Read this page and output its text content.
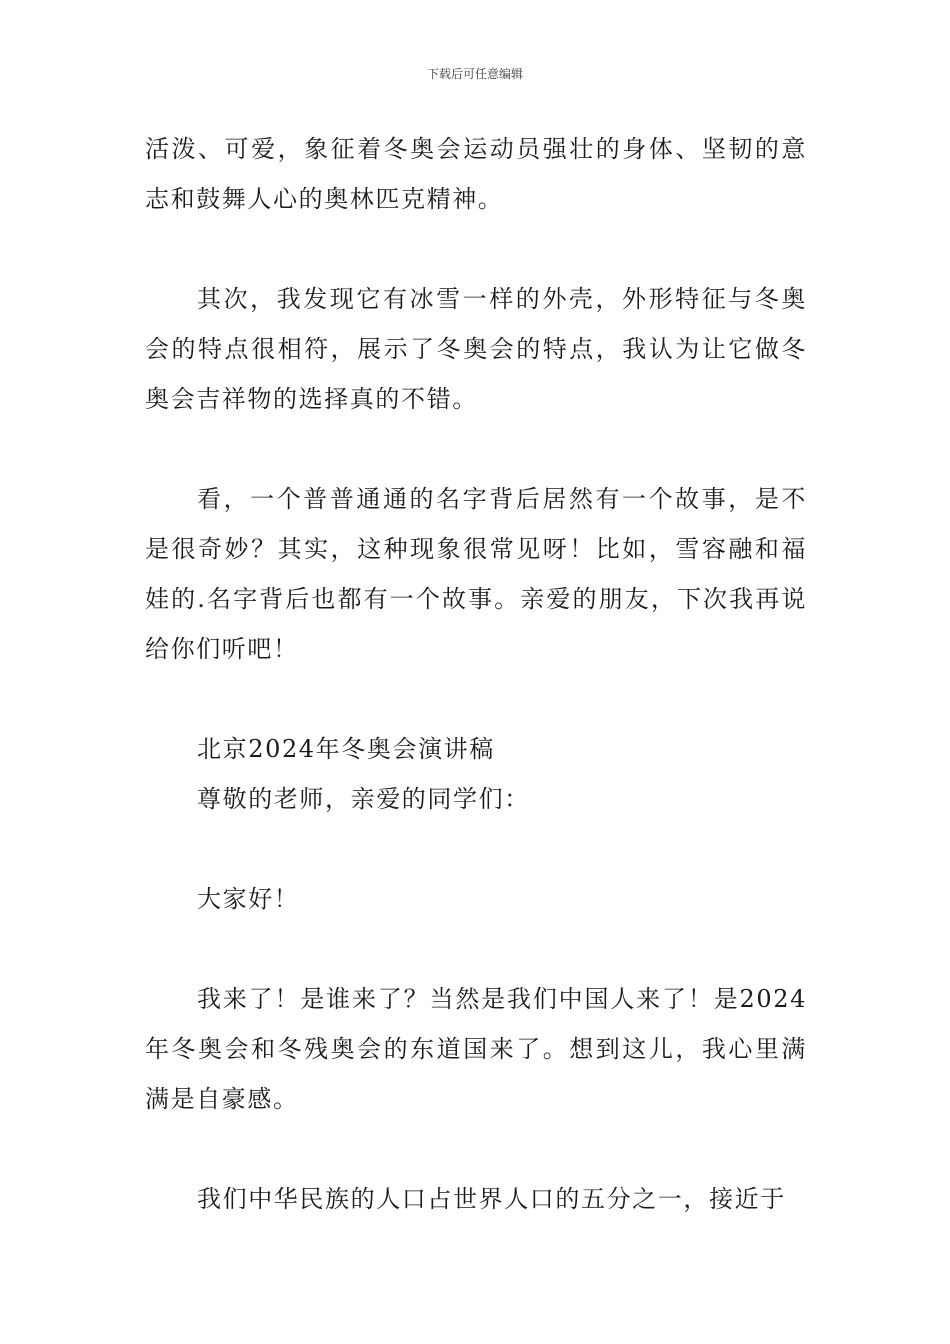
下载后可任意编辑

活泼、可爱，象征着冬奥会运动员强壮的身体、坚韧的意志和鼓舞人心的奥林匹克精神。

其次，我发现它有冰雪一样的外壳，外形特征与冬奥会的特点很相符，展示了冬奥会的特点，我认为让它做冬奥会吉祥物的选择真的不错。

看，一个普普通通的名字背后居然有一个故事，是不是很奇妙？其实，这种现象很常见呀！比如，雪容融和福娃的.名字背后也都有一个故事。亲爱的朋友，下次我再说给你们听吧！

北京2024年冬奥会演讲稿

尊敬的老师，亲爱的同学们：

大家好！

我来了！是谁来了？当然是我们中国人来了！是2024年冬奥会和冬残奥会的东道国来了。想到这儿，我心里满满是自豪感。

我们中华民族的人口占世界人口的五分之一，接近于
